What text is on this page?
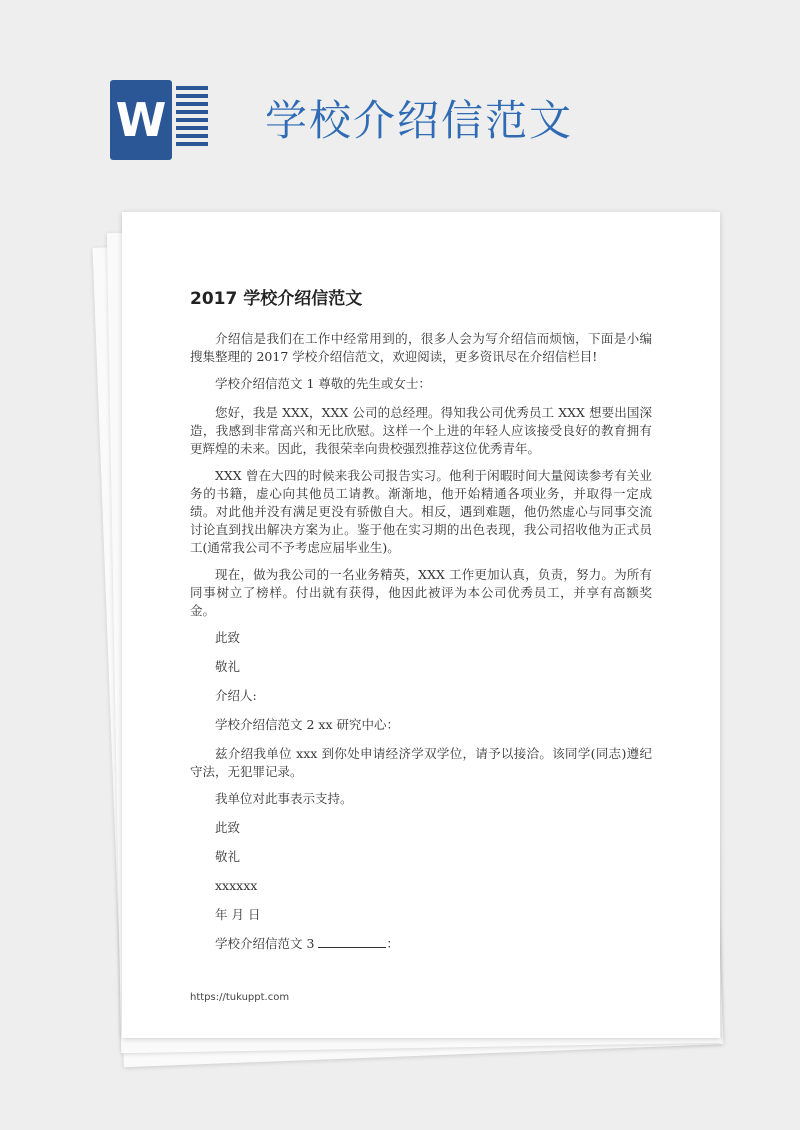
W 学校介绍信范文
2017 学校介绍信范文

介绍信是我们在工作中经常用到的，很多人会为写介绍信而烦恼，下面是小编搜集整理的 2017 学校介绍信范文，欢迎阅读，更多资讯尽在介绍信栏目!

学校介绍信范文 1 尊敬的先生或女士：

您好，我是 XXX，XXX 公司的总经理。得知我公司优秀员工 XXX 想要出国深造，我感到非常高兴和无比欣慰。这样一个上进的年轻人应该接受良好的教育拥有更辉煌的未来。因此，我很荣幸向贵校强烈推荐这位优秀青年。

XXX 曾在大四的时候来我公司报告实习。他利于闲暇时间大量阅读参考有关业务的书籍，虚心向其他员工请教。渐渐地，他开始精通各项业务，并取得一定成绩。对此他并没有满足更没有骄傲自大。相反，遇到难题，他仍然虚心与同事交流讨论直到找出解决方案为止。鉴于他在实习期的出色表现，我公司招收他为正式员工(通常我公司不予考虑应届毕业生)。

现在，做为我公司的一名业务精英，XXX 工作更加认真，负责，努力。为所有同事树立了榜样。付出就有获得，他因此被评为本公司优秀员工，并享有高额奖金。

此致

敬礼

介绍人:

学校介绍信范文 2 xx 研究中心：

兹介绍我单位 xxx 到你处申请经济学双学位，请予以接洽。该同学(同志)遵纪守法，无犯罪记录。

我单位对此事表示支持。

此致

敬礼

xxxxxx

年 月 日

学校介绍信范文 3	：

https://tukuppt.com
